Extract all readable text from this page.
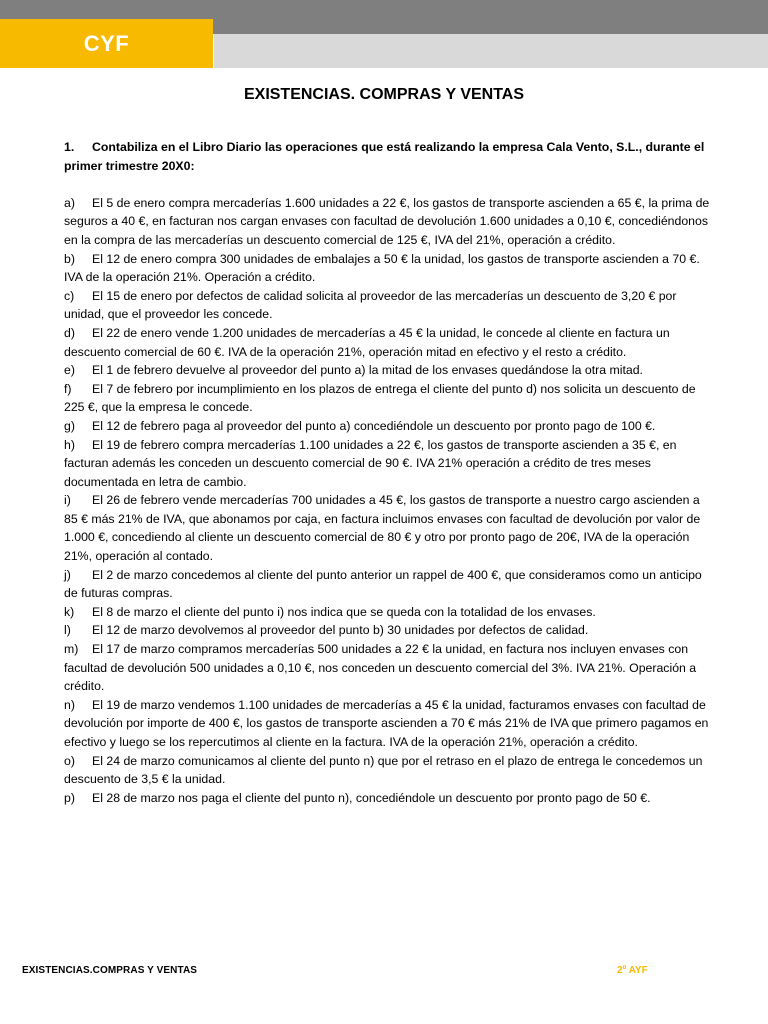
CYF
EXISTENCIAS. COMPRAS Y VENTAS
1. Contabiliza en el Libro Diario las operaciones que está realizando la empresa Cala Vento, S.L., durante el primer trimestre 20X0:
a) El 5 de enero compra mercaderías 1.600 unidades a 22 €, los gastos de transporte ascienden a 65 €, la prima de seguros a 40 €, en facturan nos cargan envases con facultad de devolución 1.600 unidades a 0,10 €, concediéndonos en la compra de las mercaderías un descuento comercial de 125 €, IVA del 21%, operación a crédito.
b) El 12 de enero compra 300 unidades de embalajes a 50 € la unidad, los gastos de transporte ascienden a 70 €. IVA de la operación 21%. Operación a crédito.
c) El 15 de enero por defectos de calidad solicita al proveedor de las mercaderías un descuento de 3,20 € por unidad, que el proveedor les concede.
d) El 22 de enero vende 1.200 unidades de mercaderías a 45 € la unidad, le concede al cliente en factura un descuento comercial de 60 €. IVA de la operación 21%, operación mitad en efectivo y el resto a crédito.
e) El 1 de febrero devuelve al proveedor del punto a) la mitad de los envases quedándose la otra mitad.
f) El 7 de febrero por incumplimiento en los plazos de entrega el cliente del punto d) nos solicita un descuento de 225 €, que la empresa le concede.
g) El 12 de febrero paga al proveedor del punto a) concediéndole un descuento por pronto pago de 100 €.
h) El 19 de febrero compra mercaderías 1.100 unidades a 22 €, los gastos de transporte ascienden a 35 €, en facturan además les conceden un descuento comercial de 90 €. IVA 21% operación a crédito de tres meses documentada en letra de cambio.
i) El 26 de febrero vende mercaderías 700 unidades a 45 €, los gastos de transporte a nuestro cargo ascienden a 85 € más 21% de IVA, que abonamos por caja, en factura incluimos envases con facultad de devolución por valor de 1.000 €, concediendo al cliente un descuento comercial de 80 € y otro por pronto pago de 20€, IVA de la operación 21%, operación al contado.
j) El 2 de marzo concedemos al cliente del punto anterior un rappel de 400 €, que consideramos como un anticipo de futuras compras.
k) El 8 de marzo el cliente del punto i) nos indica que se queda con la totalidad de los envases.
l) El 12 de marzo devolvemos al proveedor del punto b) 30 unidades por defectos de calidad.
m) El 17 de marzo compramos mercaderías 500 unidades a 22 € la unidad, en factura nos incluyen envases con facultad de devolución 500 unidades a 0,10 €, nos conceden un descuento comercial del 3%. IVA 21%. Operación a crédito.
n) El 19 de marzo vendemos 1.100 unidades de mercaderías a 45 € la unidad, facturamos envases con facultad de devolución por importe de 400 €, los gastos de transporte ascienden a 70 € más 21% de IVA que primero pagamos en efectivo y luego se los repercutimos al cliente en la factura. IVA de la operación 21%, operación a crédito.
o) El 24 de marzo comunicamos al cliente del punto n) que por el retraso en el plazo de entrega le concedemos un descuento de 3,5 € la unidad.
p) El 28 de marzo nos paga el cliente del punto n), concediéndole un descuento por pronto pago de 50 €.
EXISTENCIAS.COMPRAS Y VENTAS	2º AYF
